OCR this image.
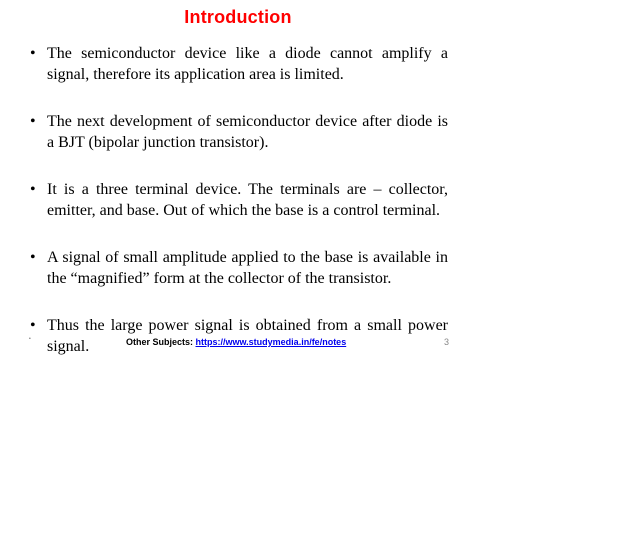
Introduction
• The semiconductor device like a diode cannot amplify a signal, therefore its application area is limited.
• The next development of semiconductor device after diode is a BJT (bipolar junction transistor).
• It is a three terminal device. The terminals are – collector, emitter, and base. Out of which the base is a control terminal.
• A signal of small amplitude applied to the base is available in the “magnified” form at the collector of the transistor.
• Thus the large power signal is obtained from a small power signal.
•	Other Subjects: https://www.studymedia.in/fe/notes	3
